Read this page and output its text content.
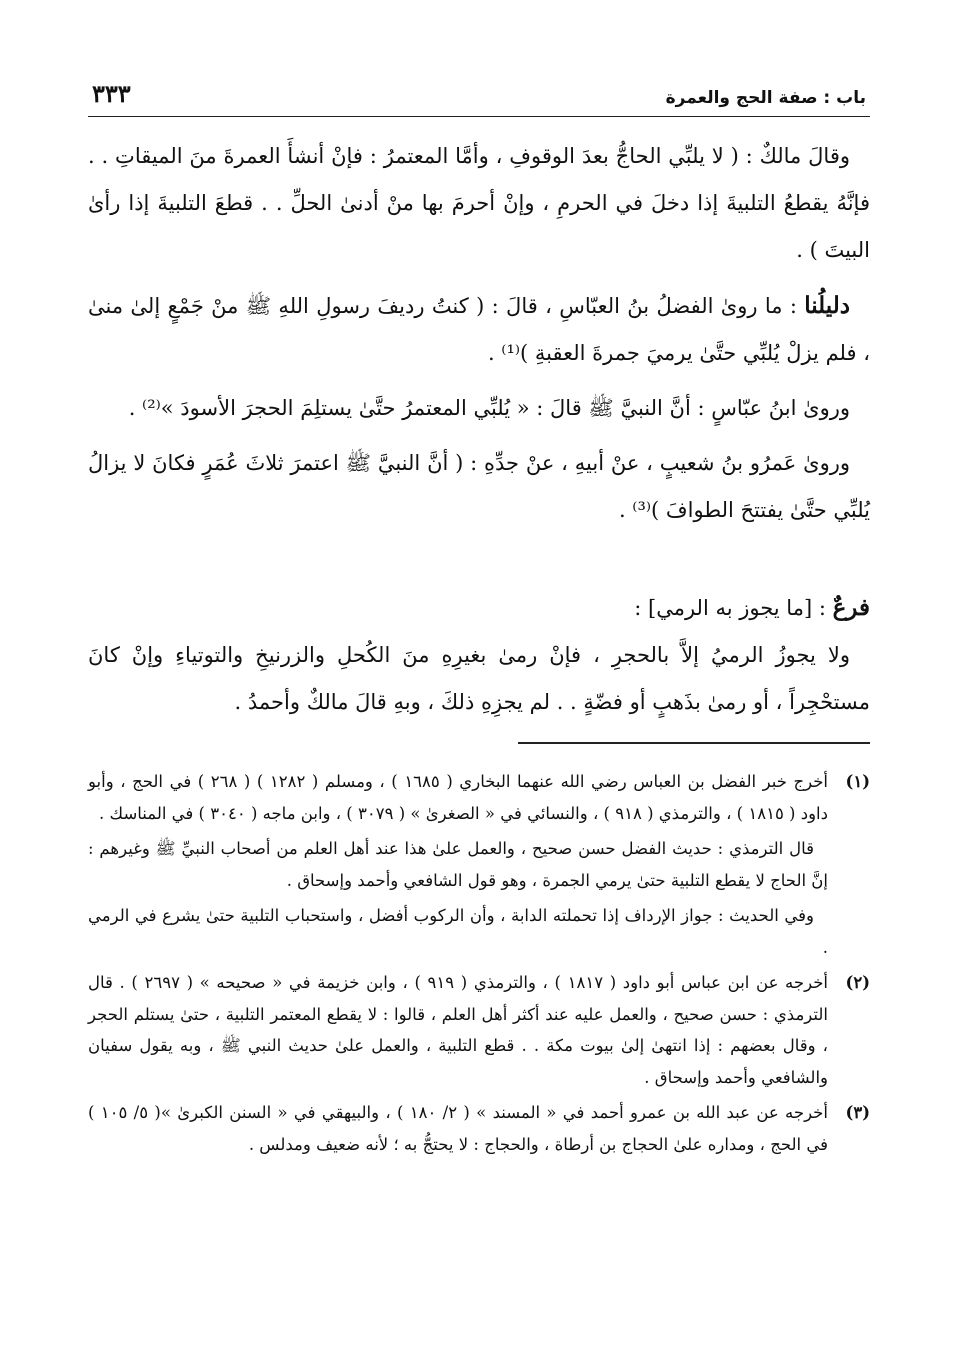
باب : صفة الحج والعمرة
٣٣٣

وقالَ مالكٌ : ( لا يلبِّي الحاجُّ بعدَ الوقوفِ ، وأمَّا المعتمرُ : فإنْ أنشأَ العمرةَ منَ الميقاتِ . . فإنَّهُ يقطعُ التلبيةَ إذا دخلَ في الحرمِ ، وإنْ أحرمَ بها منْ أدنىٰ الحلِّ . . قطعَ التلبيةَ إذا رأىٰ البيتَ ) .

دليلُنا : ما روىٰ الفضلُ بنُ العبّاسِ ، قالَ : ( كنتُ رديفَ رسولِ اللهِ ﷺ منْ جَمْعٍ إلىٰ منىٰ ، فلم يزلْ يُلبِّي حتَّىٰ يرميَ جمرةَ العقبةِ )⁽¹⁾ .

وروىٰ ابنُ عبّاسٍ : أنَّ النبيَّ ﷺ قالَ : « يُلبِّي المعتمرُ حتَّىٰ يستلِمَ الحجرَ الأسودَ »⁽²⁾ .

وروىٰ عَمرُو بنُ شعيبٍ ، عنْ أبيهِ ، عنْ جدِّهِ : ( أنَّ النبيَّ ﷺ اعتمرَ ثلاثَ عُمَرٍ فكانَ لا يزالُ يُلبِّي حتَّىٰ يفتتحَ الطوافَ )⁽³⁾ .

فرعٌ : [ما يجوز به الرمي] :

ولا يجوزُ الرميُ إلاَّ بالحجرِ ، فإنْ رمىٰ بغيرِهِ منَ الكُحلِ والزرنيخِ والتوتياءِ وإنْ كانَ مستحْجِراً ، أو رمىٰ بذَهبٍ أو فضّةٍ . . لم يجزِهِ ذلكَ ، وبهِ قالَ مالكٌ وأحمدُ .

(١)

أخرج خبر الفضل بن العباس رضي الله عنهما البخاري ( ١٦٨٥ ) ، ومسلم ( ١٢٨٢ ) ( ٢٦٨ ) في الحج ، وأبو داود ( ١٨١٥ ) ، والترمذي ( ٩١٨ ) ، والنسائي في « الصغرىٰ » ( ٣٠٧٩ ) ، وابن ماجه ( ٣٠٤٠ ) في المناسك .

قال الترمذي : حديث الفضل حسن صحيح ، والعمل علىٰ هذا عند أهل العلم من أصحاب النبيِّ ﷺ وغيرهم : إنَّ الحاج لا يقطع التلبية حتىٰ يرمي الجمرة ، وهو قول الشافعي وأحمد وإسحاق .

وفي الحديث : جواز الإرداف إذا تحملته الدابة ، وأن الركوب أفضل ، واستحباب التلبية حتىٰ يشرع في الرمي .

(٢)

أخرجه عن ابن عباس أبو داود ( ١٨١٧ ) ، والترمذي ( ٩١٩ ) ، وابن خزيمة في « صحيحه » ( ٢٦٩٧ ) . قال الترمذي : حسن صحيح ، والعمل عليه عند أكثر أهل العلم ، قالوا : لا يقطع المعتمر التلبية ، حتىٰ يستلم الحجر ، وقال بعضهم : إذا انتهىٰ إلىٰ بيوت مكة . . قطع التلبية ، والعمل علىٰ حديث النبي ﷺ ، وبه يقول سفيان والشافعي وأحمد وإسحاق .

(٣)

أخرجه عن عبد الله بن عمرو أحمد في « المسند » ( ٢/ ١٨٠ ) ، والبيهقي في « السنن الكبرىٰ »( ٥/ ١٠٥ ) في الحج ، ومداره علىٰ الحجاج بن أرطاة ، والحجاج : لا يحتجُّ به ؛ لأنه ضعيف ومدلس .
